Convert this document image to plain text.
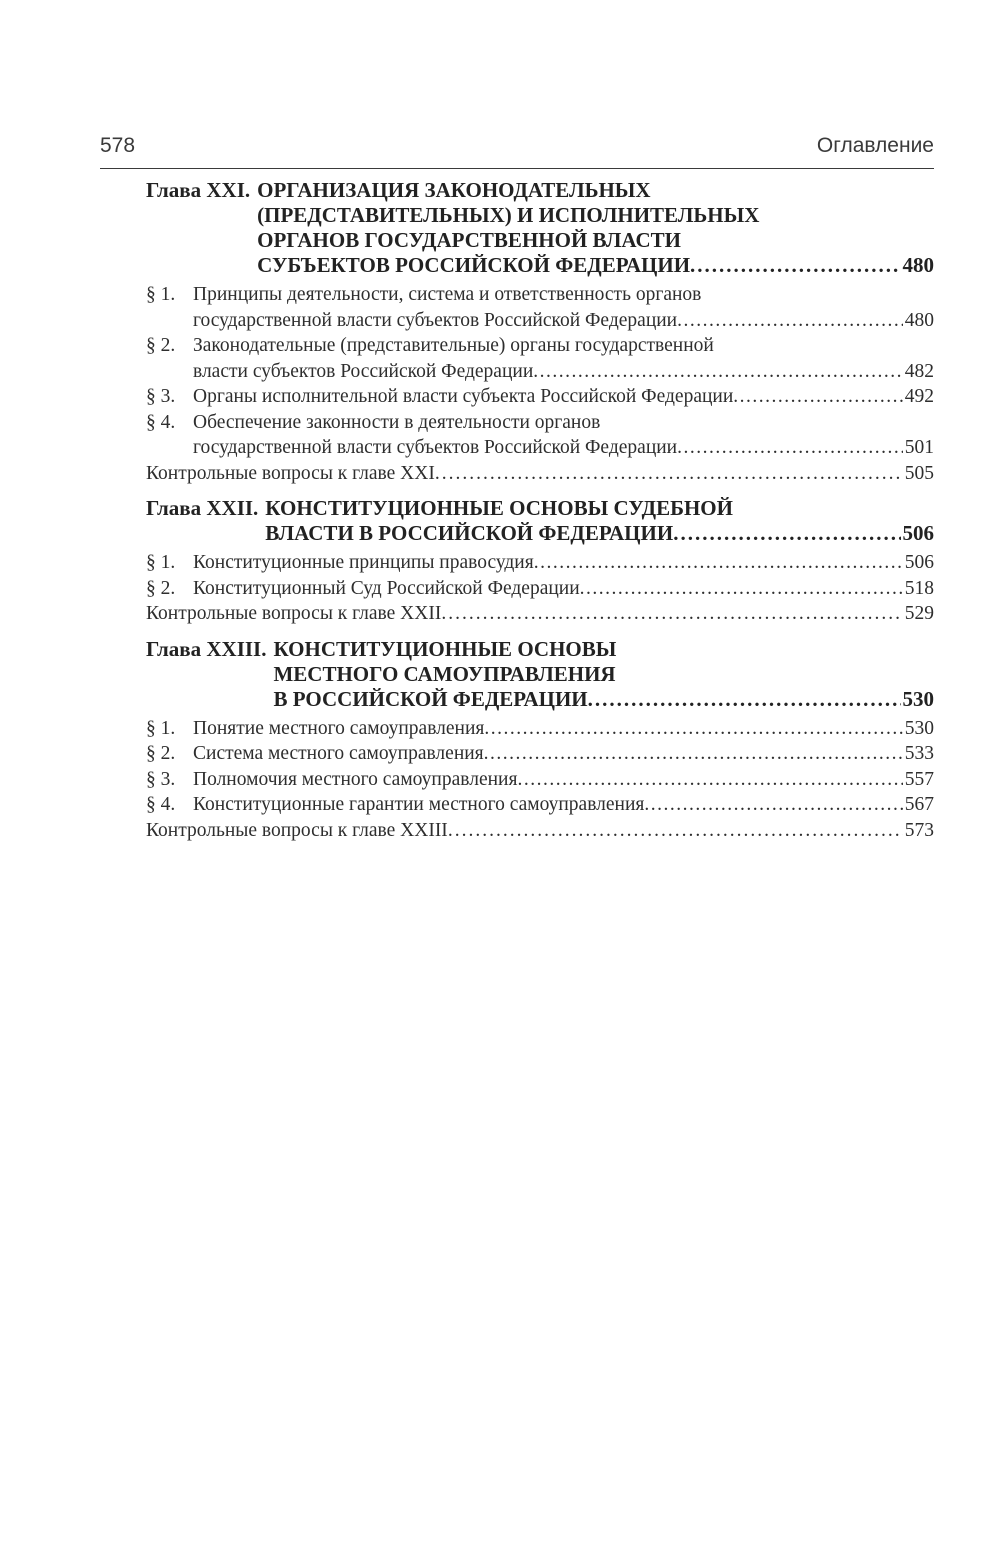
578	Оглавление
Глава XXI. ОРГАНИЗАЦИЯ ЗАКОНОДАТЕЛЬНЫХ
(ПРЕДСТАВИТЕЛЬНЫХ) И ИСПОЛНИТЕЛЬНЫХ
ОРГАНОВ ГОСУДАРСТВЕННОЙ ВЛАСТИ
СУБЪЕКТОВ РОССИЙСКОЙ ФЕДЕРАЦИИ .....	480
§ 1. Принципы деятельности, система и ответственность органов
государственной власти субъектов Российской Федерации .....	480
§ 2. Законодательные (представительные) органы государственной
власти субъектов Российской Федерации .....	482
§ 3. Органы исполнительной власти субъекта Российской Федерации .....	492
§ 4. Обеспечение законности в деятельности органов
государственной власти субъектов Российской Федерации .....	501
Контрольные вопросы к главе XXI .....	505
Глава XXII. КОНСТИТУЦИОННЫЕ ОСНОВЫ СУДЕБНОЙ
ВЛАСТИ В РОССИЙСКОЙ ФЕДЕРАЦИИ .....	506
§ 1. Конституционные принципы правосудия .....	506
§ 2. Конституционный Суд Российской Федерации .....	518
Контрольные вопросы к главе XXII .....	529
Глава XXIII. КОНСТИТУЦИОННЫЕ ОСНОВЫ
МЕСТНОГО САМОУПРАВЛЕНИЯ
В РОССИЙСКОЙ ФЕДЕРАЦИИ .....	530
§ 1. Понятие местного самоуправления .....	530
§ 2. Система местного самоуправления .....	533
§ 3. Полномочия местного самоуправления .....	557
§ 4. Конституционные гарантии местного самоуправления .....	567
Контрольные вопросы к главе XXIII .....	573
